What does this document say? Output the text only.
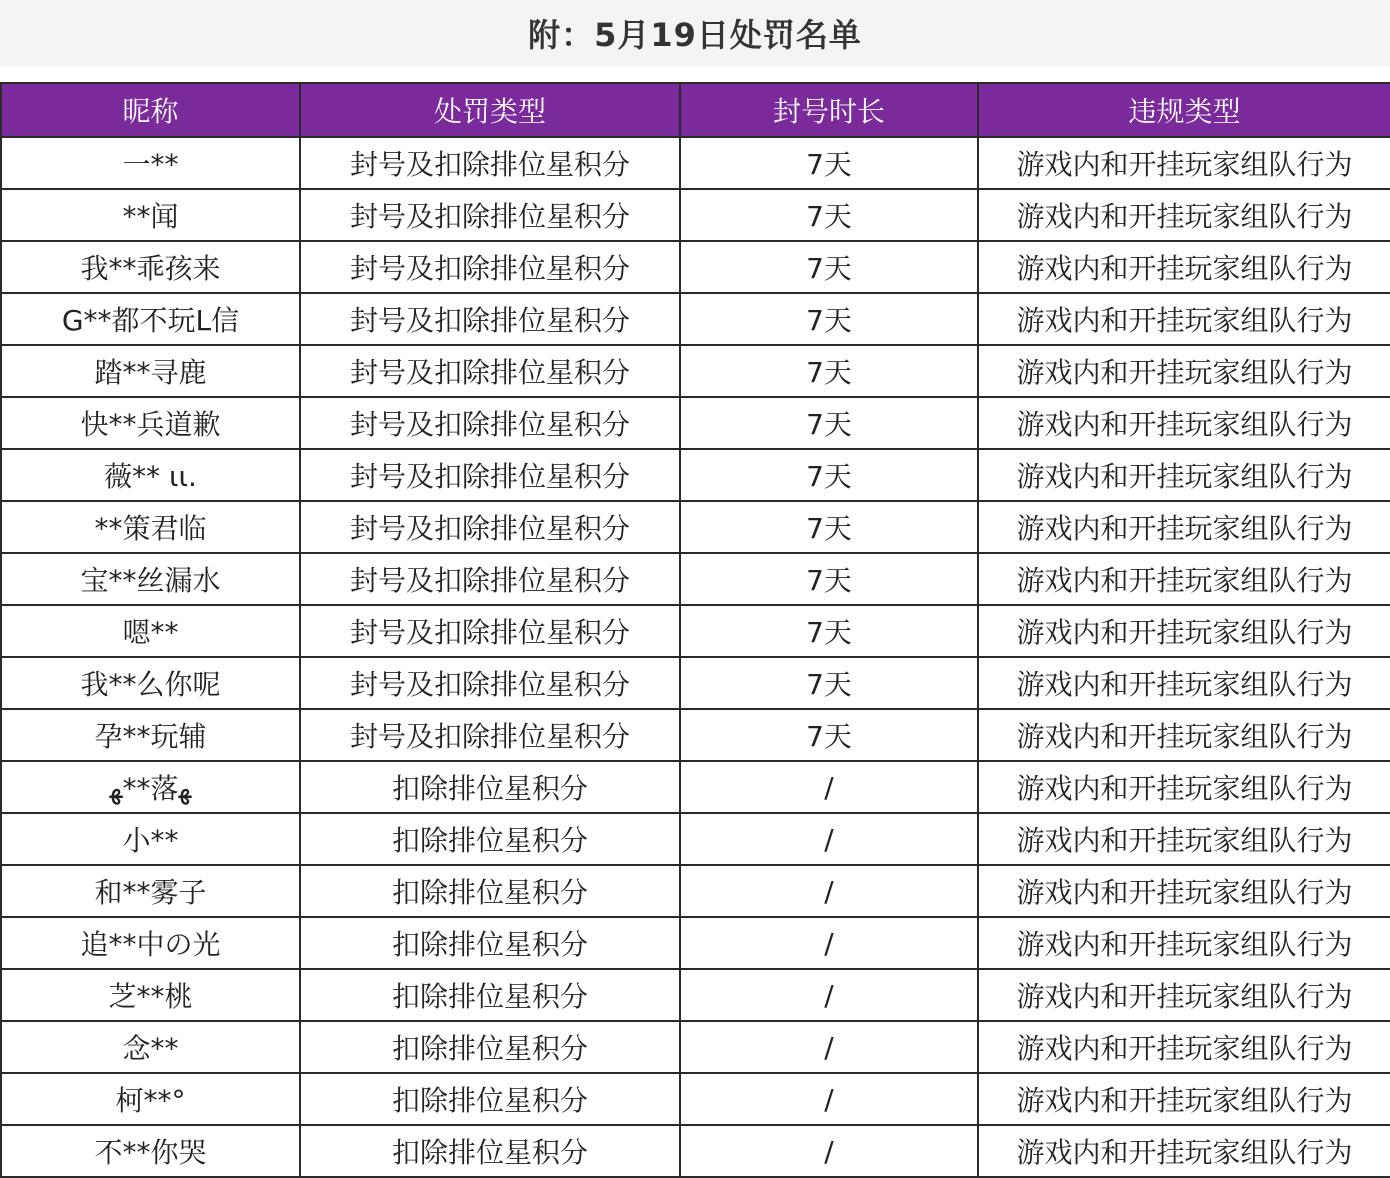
附：5月19日处罚名单
昵称	处罚类型	封号时长	违规类型
一**	封号及扣除排位星积分	7天	游戏内和开挂玩家组队行为
**闻	封号及扣除排位星积分	7天	游戏内和开挂玩家组队行为
我**乖孩来	封号及扣除排位星积分	7天	游戏内和开挂玩家组队行为
G**都不玩L信	封号及扣除排位星积分	7天	游戏内和开挂玩家组队行为
踏**寻鹿	封号及扣除排位星积分	7天	游戏内和开挂玩家组队行为
快**兵道歉	封号及扣除排位星积分	7天	游戏内和开挂玩家组队行为
薇** ιι.	封号及扣除排位星积分	7天	游戏内和开挂玩家组队行为
**策君临	封号及扣除排位星积分	7天	游戏内和开挂玩家组队行为
宝**丝漏水	封号及扣除排位星积分	7天	游戏内和开挂玩家组队行为
嗯**	封号及扣除排位星积分	7天	游戏内和开挂玩家组队行为
我**么你呢	封号及扣除排位星积分	7天	游戏内和开挂玩家组队行为
孕**玩辅	封号及扣除排位星积分	7天	游戏内和开挂玩家组队行为
ﻬ**落ﻬ	扣除排位星积分	/	游戏内和开挂玩家组队行为
小**	扣除排位星积分	/	游戏内和开挂玩家组队行为
和**雾子	扣除排位星积分	/	游戏内和开挂玩家组队行为
追**中の光	扣除排位星积分	/	游戏内和开挂玩家组队行为
芝**桃	扣除排位星积分	/	游戏内和开挂玩家组队行为
念**	扣除排位星积分	/	游戏内和开挂玩家组队行为
柯**°	扣除排位星积分	/	游戏内和开挂玩家组队行为
不**你哭	扣除排位星积分	/	游戏内和开挂玩家组队行为
